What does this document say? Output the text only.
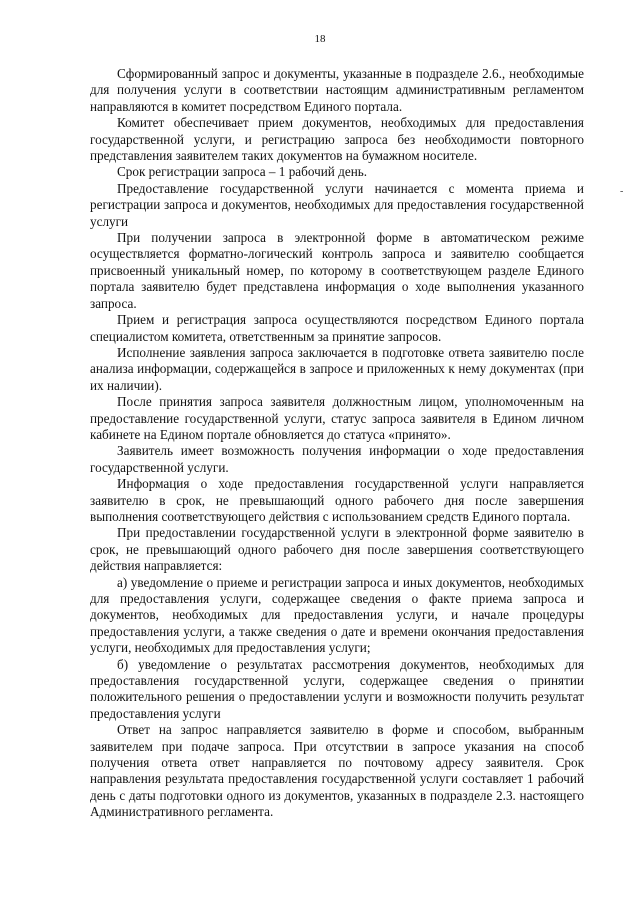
18
-

Сформированный запрос и документы, указанные в подразделе 2.6., необходимые для получения услуги в соответствии настоящим административным регламентом направляются в комитет посредством Единого портала.

Комитет обеспечивает прием документов, необходимых для предоставления государственной услуги, и регистрацию запроса без необходимости повторного представления заявителем таких документов на бумажном носителе.

Срок регистрации запроса – 1 рабочий день.

Предоставление государственной услуги начинается с момента приема и регистрации запроса и документов, необходимых для предоставления государственной услуги

При получении запроса в электронной форме в автоматическом режиме осуществляется форматно-логический контроль запроса и заявителю сообщается присвоенный уникальный номер, по которому в соответствующем разделе Единого портала заявителю будет представлена информация о ходе выполнения указанного запроса.

Прием и регистрация запроса осуществляются посредством Единого портала специалистом комитета, ответственным за принятие запросов.

Исполнение заявления запроса заключается в подготовке ответа заявителю после анализа информации, содержащейся в запросе и приложенных к нему документах (при их наличии).

После принятия запроса заявителя должностным лицом, уполномоченным на предоставление государственной услуги, статус запроса заявителя в Едином личном кабинете на Едином портале обновляется до статуса «принято».

Заявитель имеет возможность получения информации о ходе предоставления государственной услуги.

Информация о ходе предоставления государственной услуги направляется заявителю в срок, не превышающий одного рабочего дня после завершения выполнения соответствующего действия с использованием средств Единого портала.

При предоставлении государственной услуги в электронной форме заявителю в срок, не превышающий одного рабочего дня после завершения соответствующего действия направляется:

а) уведомление о приеме и регистрации запроса и иных документов, необходимых для предоставления услуги, содержащее сведения о факте приема запроса и документов, необходимых для предоставления услуги, и начале процедуры предоставления услуги, а также сведения о дате и времени окончания предоставления услуги, необходимых для предоставления услуги;

б) уведомление о результатах рассмотрения документов, необходимых для предоставления государственной услуги, содержащее сведения о принятии положительного решения о предоставлении услуги и возможности получить результат предоставления услуги

Ответ на запрос направляется заявителю в форме и способом, выбранным заявителем при подаче запроса. При отсутствии в запросе указания на способ получения ответа ответ направляется по почтовому адресу заявителя. Срок направления результата предоставления государственной услуги составляет 1 рабочий день с даты подготовки одного из документов, указанных в подразделе 2.3. настоящего Административного регламента.
